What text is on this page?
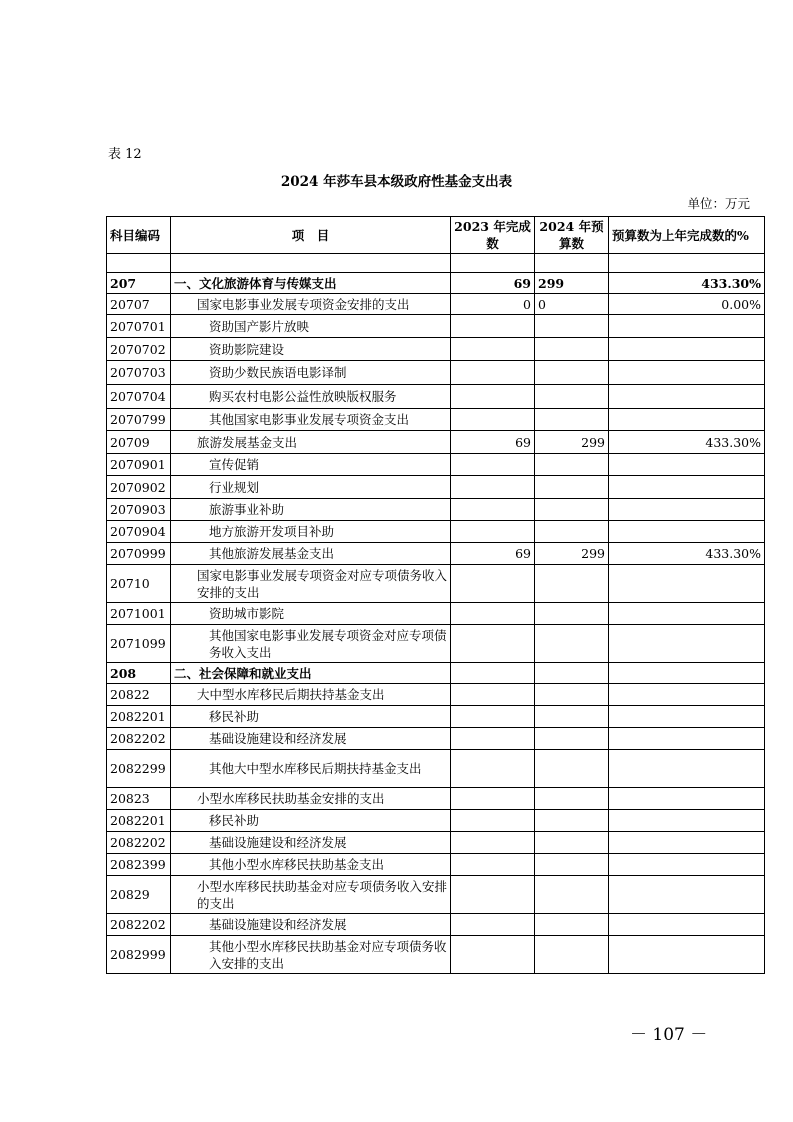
表 12
2024 年莎车县本级政府性基金支出表
单位：万元
科目编码	项　目	2023 年完成数	2024 年预算数	预算数为上年完成数的%

207	一、文化旅游体育与传媒支出	69	299	433.30%
20707	国家电影事业发展专项资金安排的支出	0	0	0.00%
2070701	资助国产影片放映			
2070702	资助影院建设			
2070703	资助少数民族语电影译制			
2070704	购买农村电影公益性放映版权服务			
2070799	其他国家电影事业发展专项资金支出			
20709	旅游发展基金支出	69	299	433.30%
2070901	宣传促销			
2070902	行业规划			
2070903	旅游事业补助			
2070904	地方旅游开发项目补助			
2070999	其他旅游发展基金支出	69	299	433.30%
20710	国家电影事业发展专项资金对应专项债务收入安排的支出			
2071001	资助城市影院			
2071099	其他国家电影事业发展专项资金对应专项债务收入支出			
208	二、社会保障和就业支出			
20822	大中型水库移民后期扶持基金支出			
2082201	移民补助			
2082202	基础设施建设和经济发展			
2082299	其他大中型水库移民后期扶持基金支出			
20823	小型水库移民扶助基金安排的支出			
2082201	移民补助			
2082202	基础设施建设和经济发展			
2082399	其他小型水库移民扶助基金支出			
20829	小型水库移民扶助基金对应专项债务收入安排的支出			
2082202	基础设施建设和经济发展			
2082999	其他小型水库移民扶助基金对应专项债务收入安排的支出			
－ 107 －
